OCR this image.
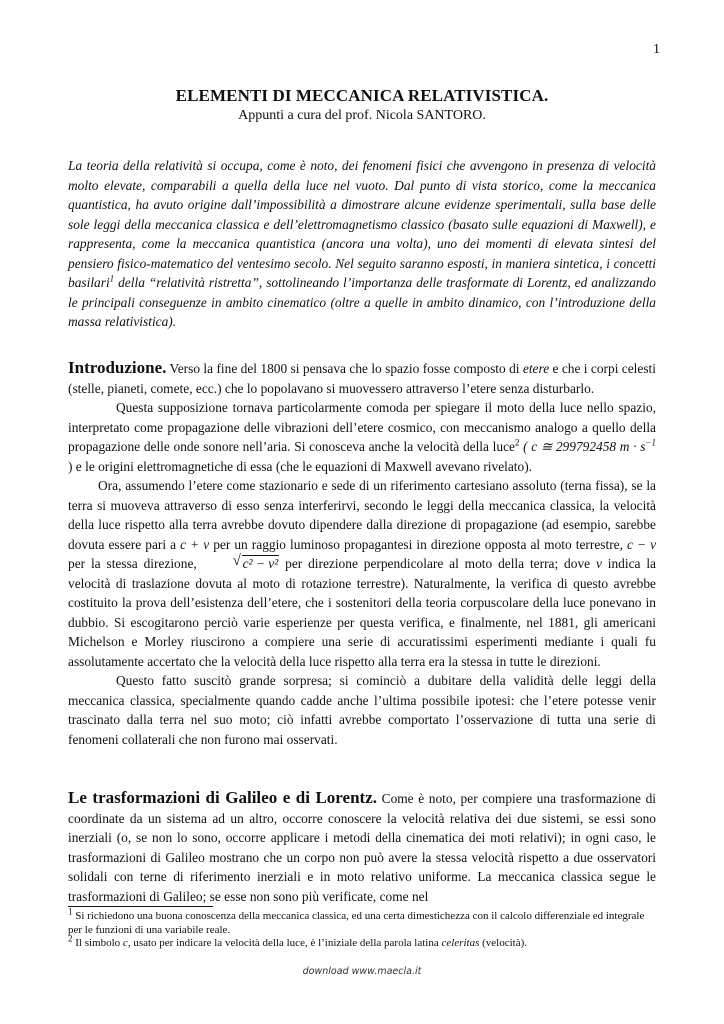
1
ELEMENTI DI MECCANICA RELATIVISTICA.
Appunti a cura del prof. Nicola SANTORO.

La teoria della relatività si occupa, come è noto, dei fenomeni fisici che avvengono in presenza di velocità molto elevate, comparabili a quella della luce nel vuoto. Dal punto di vista storico, come la meccanica quantistica, ha avuto origine dall’impossibilità a dimostrare alcune evidenze sperimentali, sulla base delle sole leggi della meccanica classica e dell’elettromagnetismo classico (basato sulle equazioni di Maxwell), e rappresenta, come la meccanica quantistica (ancora una volta), uno dei momenti di elevata sintesi del pensiero fisico-matematico del ventesimo secolo. Nel seguito saranno esposti, in maniera sintetica, i concetti basilari$^1$ della “relatività ristretta”, sottolineando l’importanza delle trasformate di Lorentz, ed analizzando le principali conseguenze in ambito cinematico (oltre a quelle in ambito dinamico, con l’introduzione della massa relativistica).

Introduzione. Verso la fine del 1800 si pensava che lo spazio fosse composto di etere e che i corpi celesti (stelle, pianeti, comete, ecc.) che lo popolavano si muovessero attraverso l’etere senza disturbarlo.

Questa supposizione tornava particolarmente comoda per spiegare il moto della luce nello spazio, interpretato come propagazione delle vibrazioni dell’etere cosmico, con meccanismo analogo a quello della propagazione delle onde sonore nell’aria. Si conosceva anche la velocità della luce$^2$ ( c ≅ 299792458 $m \cdot s^{-1}$ ) e le origini elettromagnetiche di essa (che le equazioni di Maxwell avevano rivelato).

Ora, assumendo l’etere come stazionario e sede di un riferimento cartesiano assoluto (terna fissa), se la terra si muoveva attraverso di esso senza interferirvi, secondo le leggi della meccanica classica, la velocità della luce rispetto alla terra avrebbe dovuto dipendere dalla direzione di propagazione (ad esempio, sarebbe dovuta essere pari a c + v per un raggio luminoso propagantesi in direzione opposta al moto terrestre, c − v per la stessa direzione, √	c² − v² per direzione perpendicolare al moto della terra; dove v indica la velocità di traslazione dovuta al moto di rotazione terrestre). Naturalmente, la verifica di questo avrebbe costituito la prova dell’esistenza dell’etere, che i sostenitori della teoria corpuscolare della luce ponevano in dubbio. Si escogitarono perciò varie esperienze per questa verifica, e finalmente, nel 1881, gli americani Michelson e Morley riuscirono a compiere una serie di accuratissimi esperimenti mediante i quali fu assolutamente accertato che la velocità della luce rispetto alla terra era la stessa in tutte le direzioni.

Questo fatto suscitò grande sorpresa; si cominciò a dubitare della validità delle leggi della meccanica classica, specialmente quando cadde anche l’ultima possibile ipotesi: che l’etere potesse venir trascinato dalla terra nel suo moto; ciò infatti avrebbe comportato l’osservazione di tutta una serie di fenomeni collaterali che non furono mai osservati.

Le trasformazioni di Galileo e di Lorentz. Come è noto, per compiere una trasformazione di coordinate da un sistema ad un altro, occorre conoscere la velocità relativa dei due sistemi, se essi sono inerziali (o, se non lo sono, occorre applicare i metodi della cinematica dei moti relativi); in ogni caso, le trasformazioni di Galileo mostrano che un corpo non può avere la stessa velocità rispetto a due osservatori solidali con terne di riferimento inerziali e in moto relativo uniforme. La meccanica classica segue le trasformazioni di Galileo; se esse non sono più verificate, come nel

$^1$ Si richiedono una buona conoscenza della meccanica classica, ed una certa dimestichezza con il calcolo differenziale ed integrale per le funzioni di una variabile reale.

$^2$ Il simbolo c, usato per indicare la velocità della luce, è l’iniziale della parola latina celeritas (velocità).

download www.maecla.it
